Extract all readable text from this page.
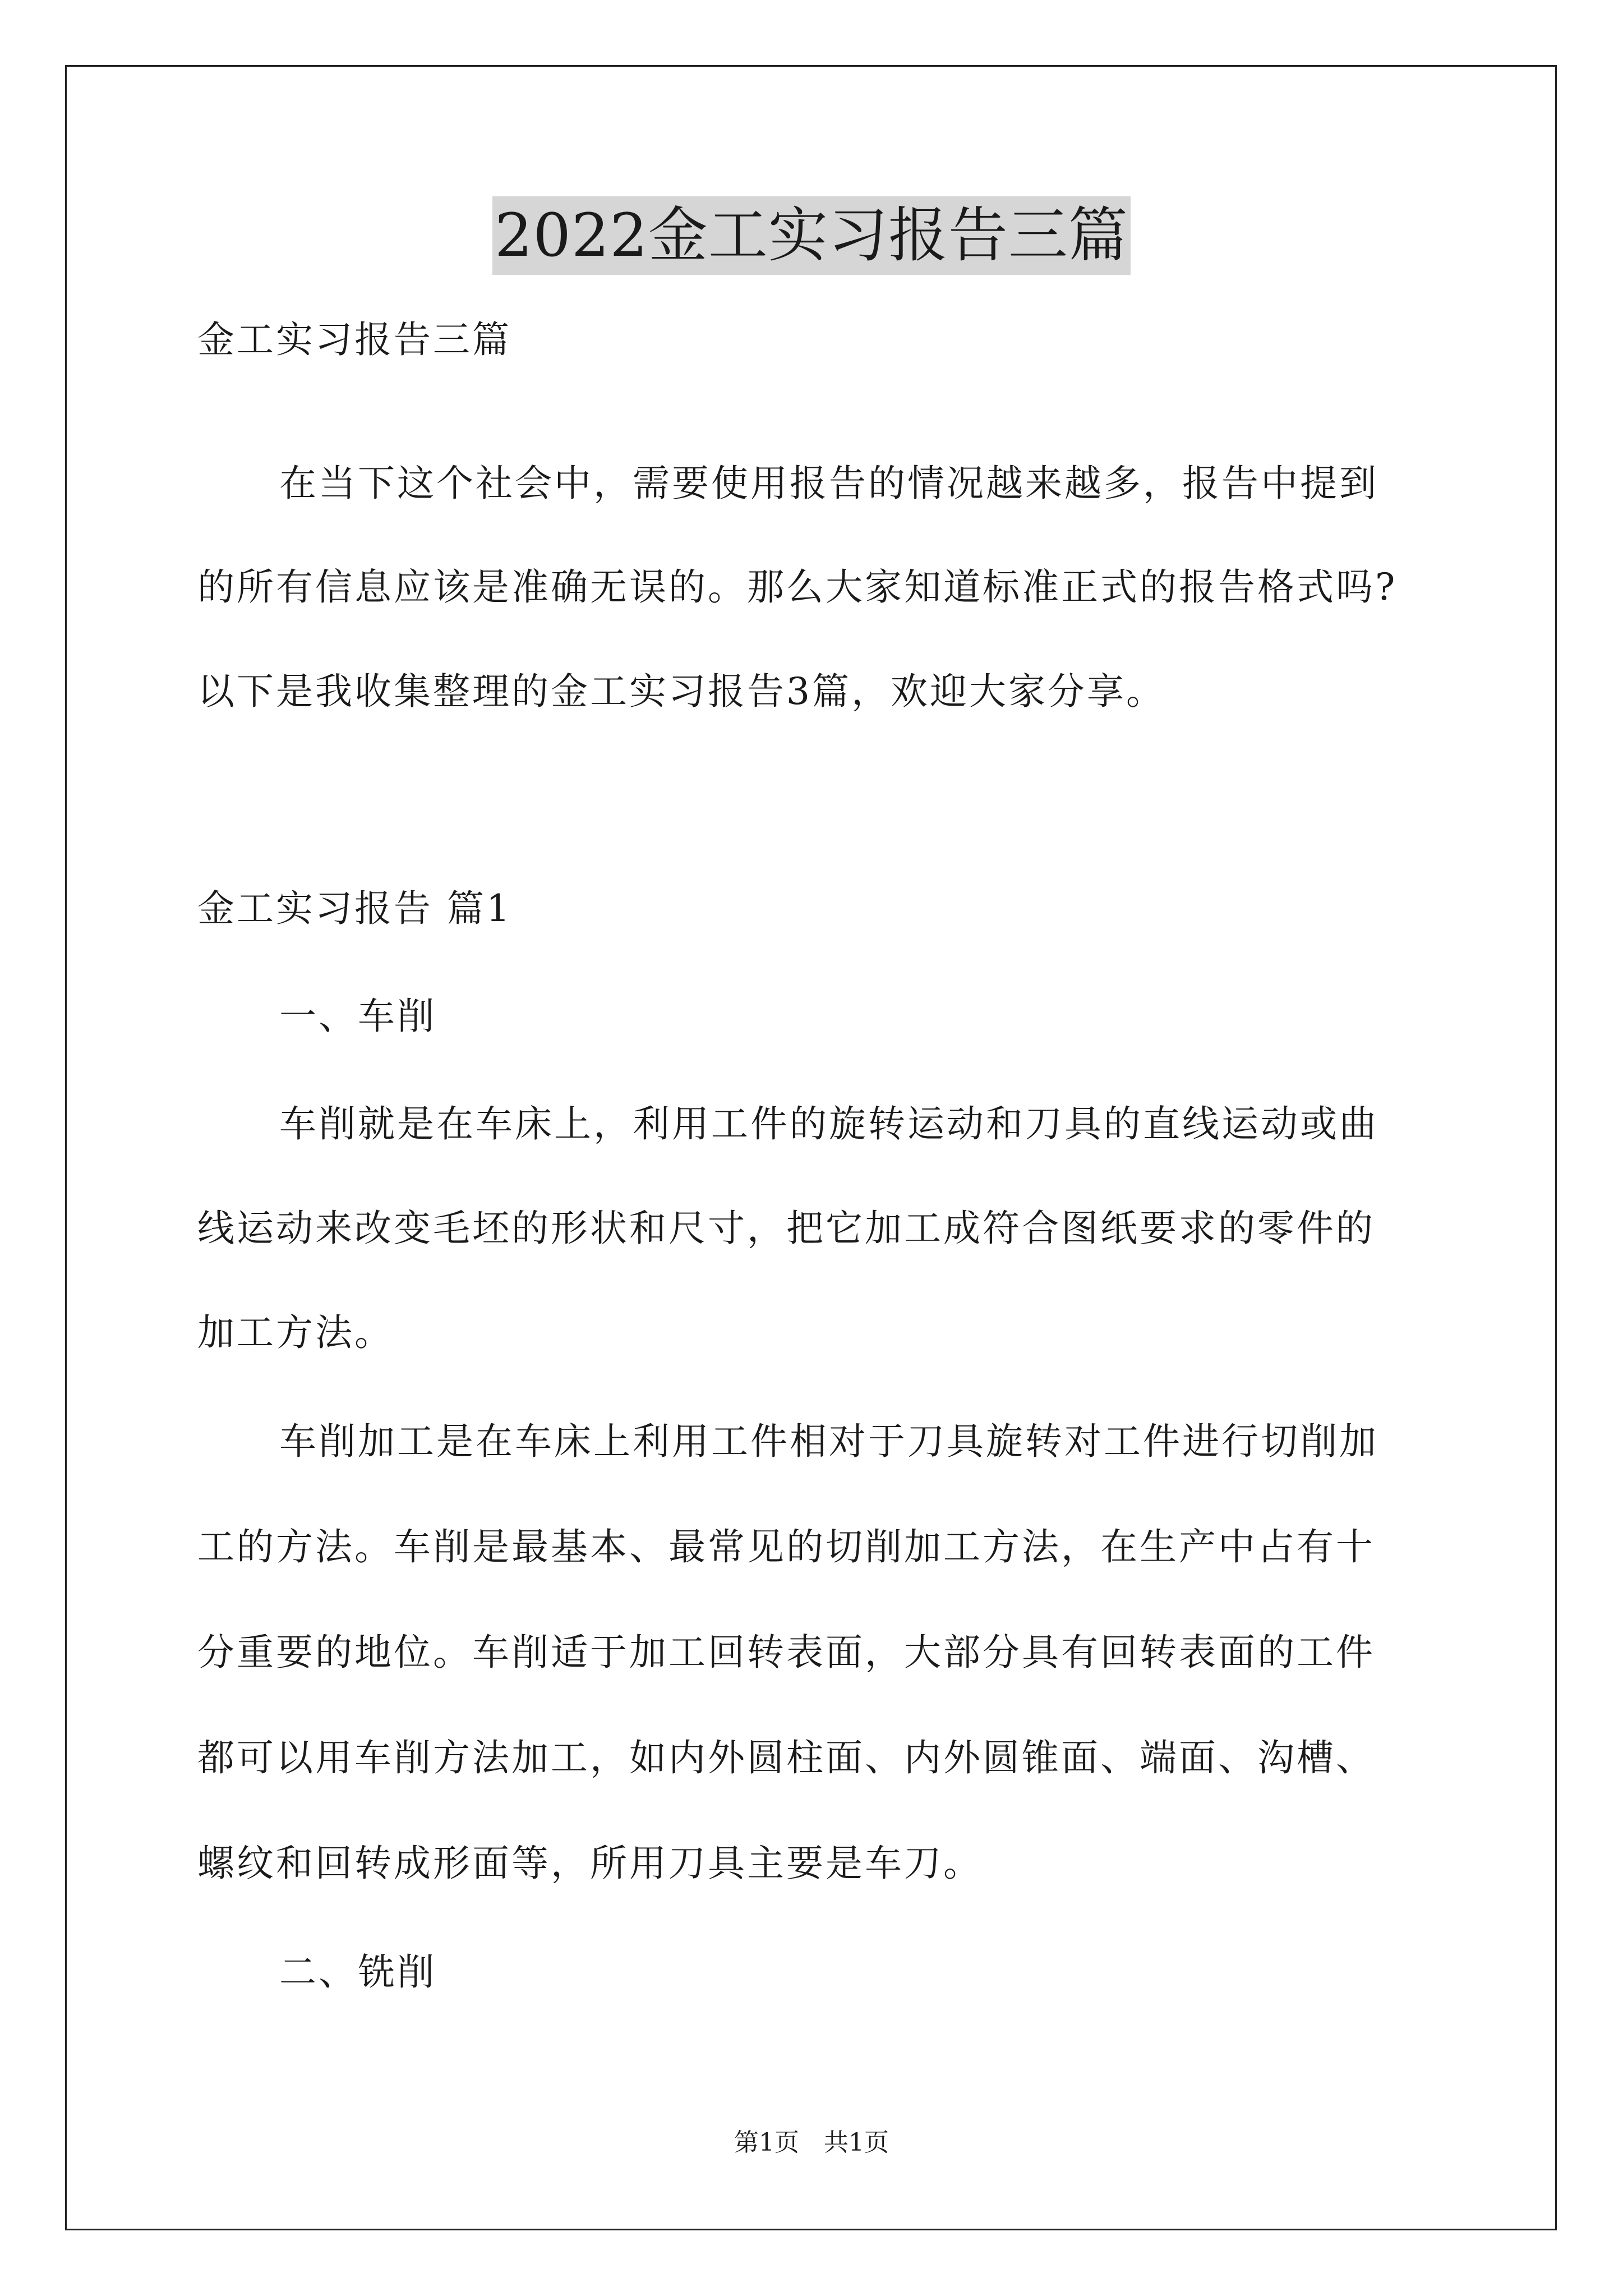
2022金工实习报告三篇
金工实习报告三篇
在当下这个社会中，需要使用报告的情况越来越多，报告中提到
的所有信息应该是准确无误的。那么大家知道标准正式的报告格式吗?
以下是我收集整理的金工实习报告3篇，欢迎大家分享。
金工实习报告 篇1
一、车削
车削就是在车床上，利用工件的旋转运动和刀具的直线运动或曲
线运动来改变毛坯的形状和尺寸，把它加工成符合图纸要求的零件的
加工方法。
车削加工是在车床上利用工件相对于刀具旋转对工件进行切削加
工的方法。车削是最基本、最常见的切削加工方法，在生产中占有十
分重要的地位。车削适于加工回转表面，大部分具有回转表面的工件
都可以用车削方法加工，如内外圆柱面、内外圆锥面、端面、沟槽、
螺纹和回转成形面等，所用刀具主要是车刀。
二、铣削
第1页　共1页
